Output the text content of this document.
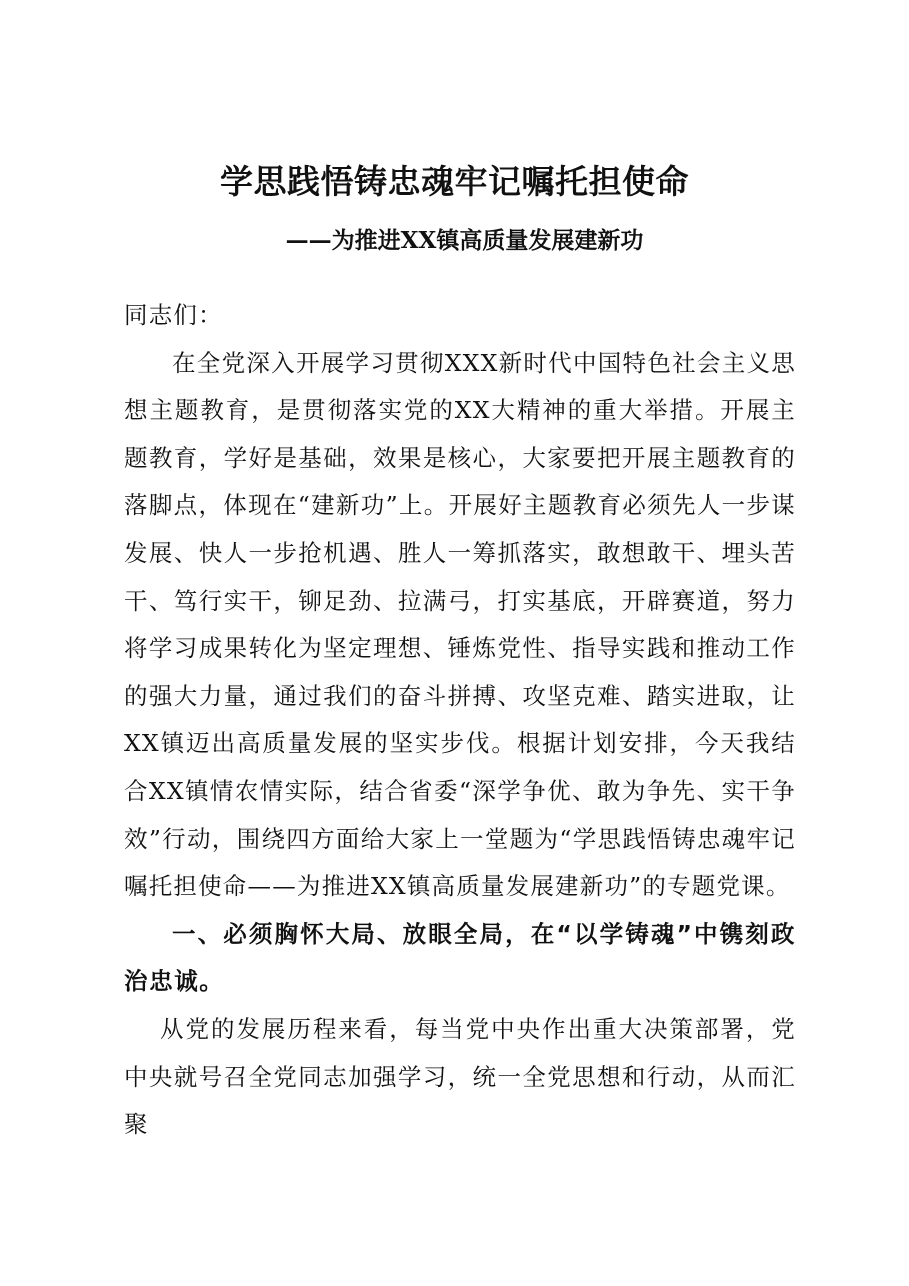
学思践悟铸忠魂牢记嘱托担使命
——为推进XX镇高质量发展建新功

同志们：

在全党深入开展学习贯彻XXX新时代中国特色社会主义思想主题教育，是贯彻落实党的XX大精神的重大举措。开展主题教育，学好是基础，效果是核心，大家要把开展主题教育的落脚点，体现在“建新功”上。开展好主题教育必须先人一步谋发展、快人一步抢机遇、胜人一筹抓落实，敢想敢干、埋头苦干、笃行实干，铆足劲、拉满弓，打实基底，开辟赛道，努力将学习成果转化为坚定理想、锤炼党性、指导实践和推动工作的强大力量，通过我们的奋斗拼搏、攻坚克难、踏实进取，让XX镇迈出高质量发展的坚实步伐。根据计划安排，今天我结合XX镇情农情实际，结合省委“深学争优、敢为争先、实干争效”行动，围绕四方面给大家上一堂题为“学思践悟铸忠魂牢记嘱托担使命——为推进XX镇高质量发展建新功”的专题党课。

一、必须胸怀大局、放眼全局，在“以学铸魂”中镌刻政治忠诚。

从党的发展历程来看，每当党中央作出重大决策部署，党中央就号召全党同志加强学习，统一全党思想和行动，从而汇聚
